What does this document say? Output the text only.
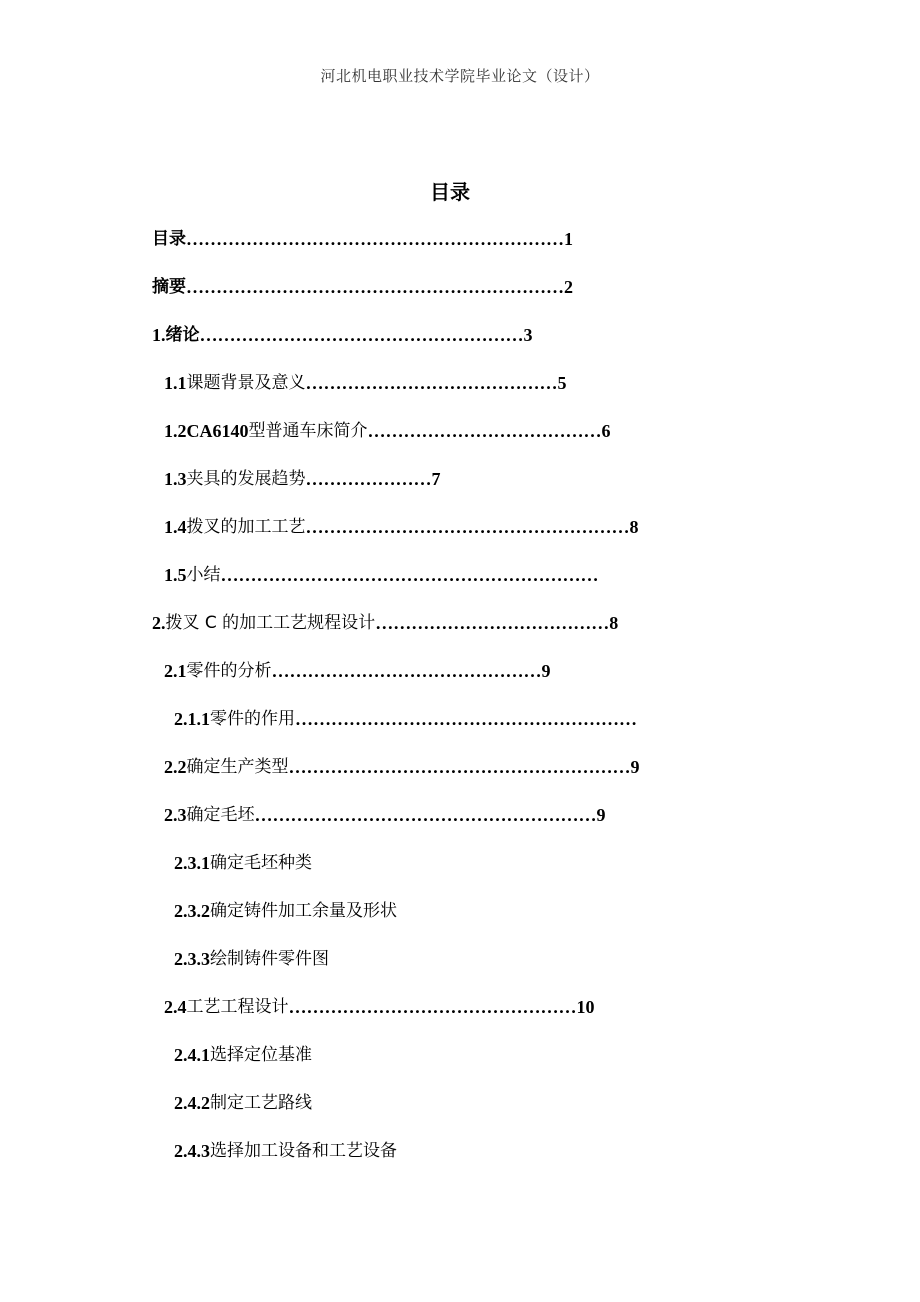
河北机电职业技术学院毕业论文（设计）
目录
目录 ……………………………………………………… 1
摘要 ……………………………………………………… 2
1. 绪论 ……………………………………………… 3
1.1 课题背景及意义 …………………………………… 5
1.2CA6140 型普通车床简介 ………………………………… 6
1.3 夹具的发展趋势 ………………… 7
1.4 拨叉的加工工艺 ……………………………………………… 8
1.5 小结 ………………………………………………………
2. 拨叉 C 的加工工艺规程设计 ………………………………… 8
2.1 零件的分析 ……………………………………… 9
2.1.1 零件的作用 …………………………………………………
2.2 确定生产类型 ………………………………………………… 9
2.3 确定毛坯 ………………………………………………… 9
2.3.1 确定毛坯种类
2.3.2 确定铸件加工余量及形状
2.3.3 绘制铸件零件图
2.4 工艺工程设计 ………………………………………… 10
2.4.1 选择定位基准
2.4.2 制定工艺路线
2.4.3 选择加工设备和工艺设备
